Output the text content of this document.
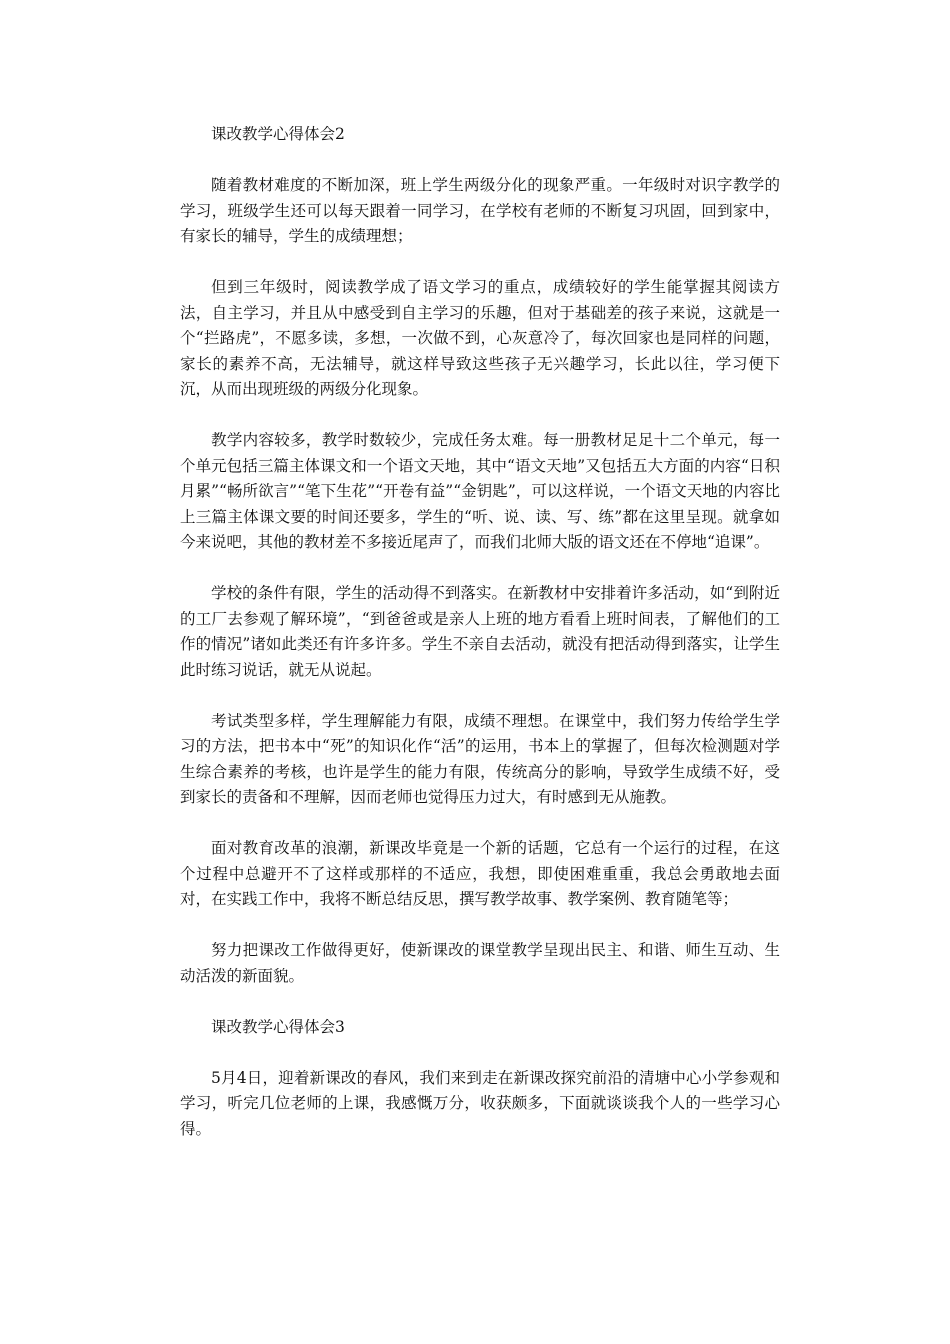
课改教学心得体会2

随着教材难度的不断加深，班上学生两级分化的现象严重。一年级时对识字教学的学习，班级学生还可以每天跟着一同学习，在学校有老师的不断复习巩固，回到家中，有家长的辅导，学生的成绩理想；

但到三年级时，阅读教学成了语文学习的重点，成绩较好的学生能掌握其阅读方法，自主学习，并且从中感受到自主学习的乐趣，但对于基础差的孩子来说，这就是一个“拦路虎”，不愿多读，多想，一次做不到，心灰意冷了，每次回家也是同样的问题，家长的素养不高，无法辅导，就这样导致这些孩子无兴趣学习，长此以往，学习便下沉，从而出现班级的两级分化现象。

教学内容较多，教学时数较少，完成任务太难。每一册教材足足十二个单元，每一个单元包括三篇主体课文和一个语文天地，其中“语文天地”又包括五大方面的内容“日积月累”“畅所欲言”“笔下生花”“开卷有益”“金钥匙”，可以这样说，一个语文天地的内容比上三篇主体课文要的时间还要多，学生的“听、说、读、写、练”都在这里呈现。就拿如今来说吧，其他的教材差不多接近尾声了，而我们北师大版的语文还在不停地“追课”。

学校的条件有限，学生的活动得不到落实。在新教材中安排着许多活动，如“到附近的工厂去参观了解环境”，“到爸爸或是亲人上班的地方看看上班时间表，了解他们的工作的情况”诸如此类还有许多许多。学生不亲自去活动，就没有把活动得到落实，让学生此时练习说话，就无从说起。

考试类型多样，学生理解能力有限，成绩不理想。在课堂中，我们努力传给学生学习的方法，把书本中“死”的知识化作“活”的运用，书本上的掌握了，但每次检测题对学生综合素养的考核，也许是学生的能力有限，传统高分的影响，导致学生成绩不好，受到家长的责备和不理解，因而老师也觉得压力过大，有时感到无从施教。

面对教育改革的浪潮，新课改毕竟是一个新的话题，它总有一个运行的过程，在这个过程中总避开不了这样或那样的不适应，我想，即使困难重重，我总会勇敢地去面对，在实践工作中，我将不断总结反思，撰写教学故事、教学案例、教育随笔等；

努力把课改工作做得更好，使新课改的课堂教学呈现出民主、和谐、师生互动、生动活泼的新面貌。

课改教学心得体会3

5月4日，迎着新课改的春风，我们来到走在新课改探究前沿的清塘中心小学参观和学习，听完几位老师的上课，我感慨万分，收获颇多，下面就谈谈我个人的一些学习心得。
